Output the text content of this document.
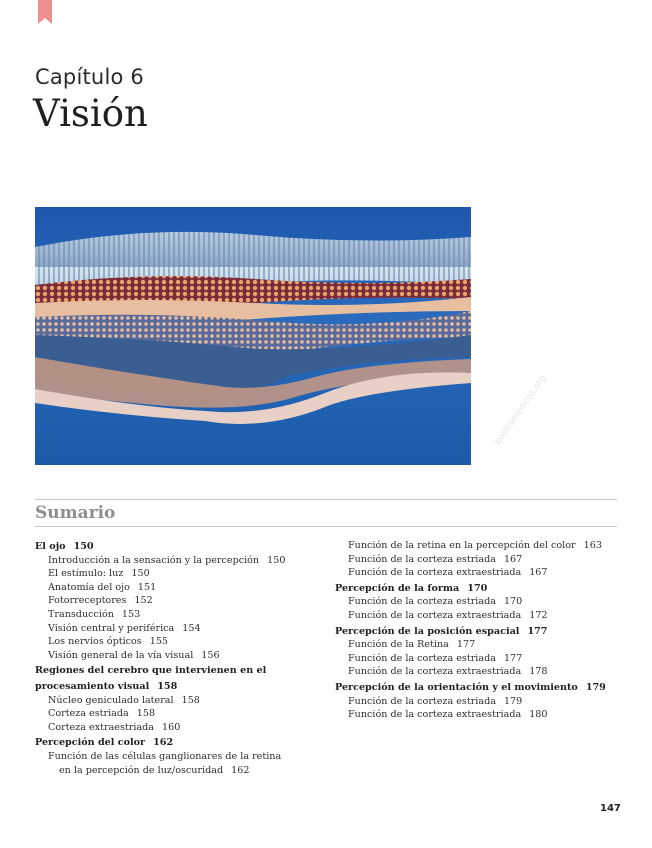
Capítulo 6
Visión
booksmedicos.org
Sumario
El ojo 150
Introducción a la sensación y la percepción 150
El estímulo: luz 150
Anatomía del ojo 151
Fotorreceptores 152
Transducción 153
Visión central y periférica 154
Los nervios ópticos 155
Visión general de la vía visual 156
Regiones del cerebro que intervienen en el
procesamiento visual 158
Núcleo geniculado lateral 158
Corteza estriada 158
Corteza extraestriada 160
Percepción del color 162
Función de las células ganglionares de la retina
en la percepción de luz/oscuridad 162
Función de la retina en la percepción del color 163
Función de la corteza estriada 167
Función de la corteza extraestriada 167
Percepción de la forma 170
Función de la corteza estriada 170
Función de la corteza extraestriada 172
Percepción de la posición espacial 177
Función de la Retina 177
Función de la corteza estriada 177
Función de la corteza extraestriada 178
Percepción de la orientación y el movimiento 179
Función de la corteza estriada 179
Función de la corteza extraestriada 180
147
